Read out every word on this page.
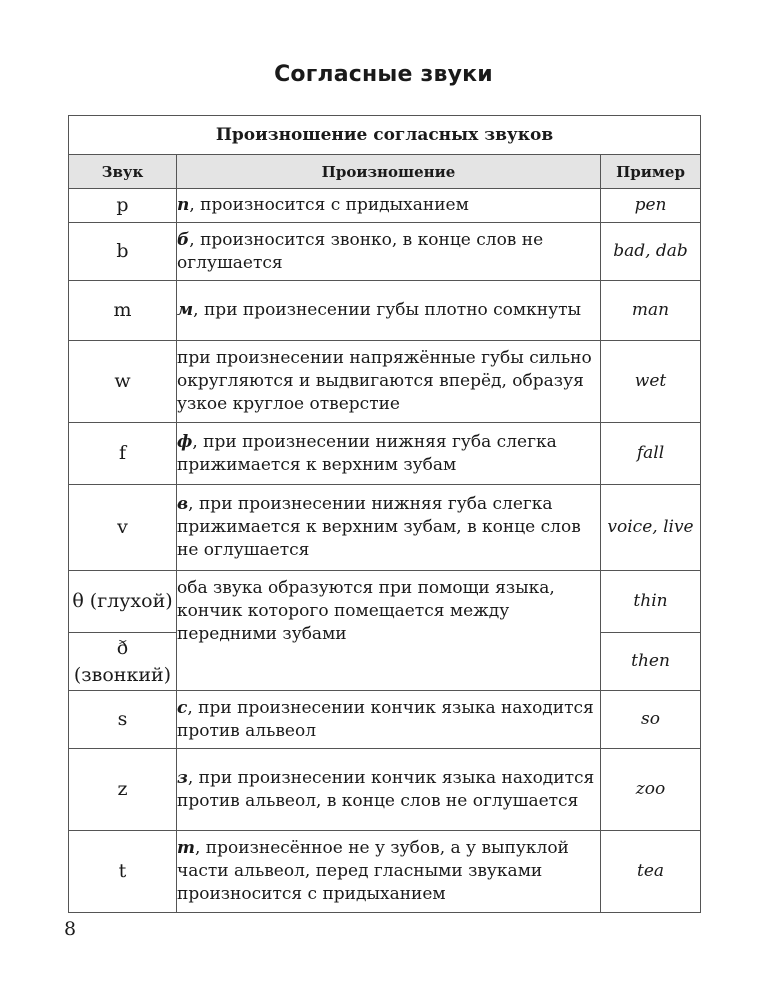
Согласные звуки
Произношение согласных звуков		
Звук	Произношение	Пример
p	п, произносится с придыханием	pen
b	б, произносится звонко, в конце слов не оглушается	bad, dab
m	м, при произнесении губы плотно сомкнуты	man
w	при произнесении напряжённые губы сильно округляются и выдвигаются вперёд, образуя узкое круглое отверстие	wet
f	ф, при произнесении нижняя губа слегка прижимается к верхним зубам	fall
v	в, при произнесении нижняя губа слегка прижимается к верхним зубам, в конце слов не оглушается	voice, live
θ (глухой)	оба звука образуются при помощи языка, кончик которого помещается между передними зубами	thin
ð (звонкий)		then
s	с, при произнесении кончик языка находится против альвеол	so
z	з, при произнесении кончик языка находится против альвеол, в конце слов не оглушается	zoo
t	т, произнесённое не у зубов, а у выпуклой части альвеол, перед гласными звуками произносится с придыханием	tea
8
